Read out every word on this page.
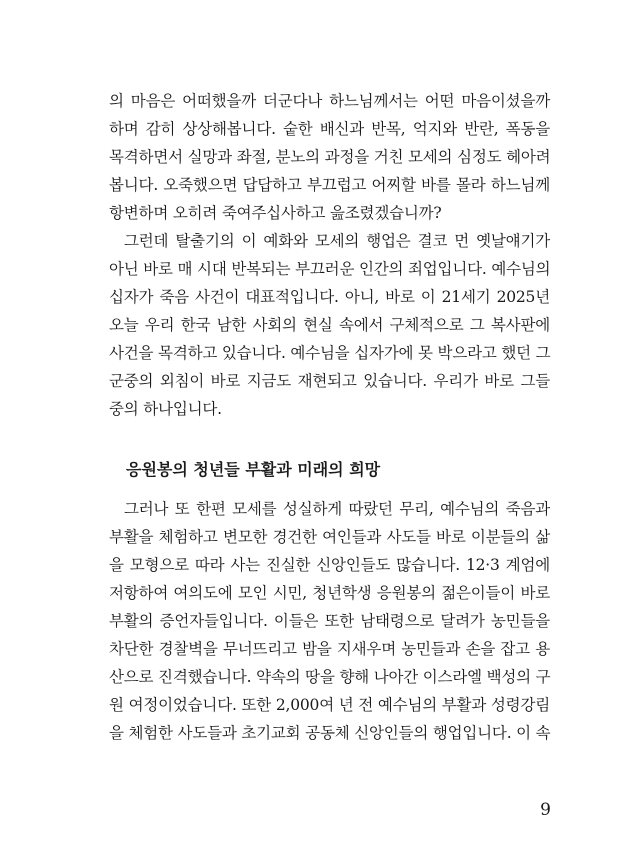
의 마음은 어떠했을까 더군다나 하느님께서는 어떤 마음이셨을까
하며 감히 상상해봅니다. 숱한 배신과 반목, 억지와 반란, 폭동을
목격하면서 실망과 좌절, 분노의 과정을 거친 모세의 심정도 헤아려
봅니다. 오죽했으면 답답하고 부끄럽고 어찌할 바를 몰라 하느님께
항변하며 오히려 죽여주십사하고 읊조렸겠습니까?
그런데 탈출기의 이 예화와 모세의 행업은 결코 먼 옛날얘기가
아닌 바로 매 시대 반복되는 부끄러운 인간의 죄업입니다. 예수님의
십자가 죽음 사건이 대표적입니다. 아니, 바로 이 21세기 2025년
오늘 우리 한국 남한 사회의 현실 속에서 구체적으로 그 복사판에
사건을 목격하고 있습니다. 예수님을 십자가에 못 박으라고 했던 그
군중의 외침이 바로 지금도 재현되고 있습니다. 우리가 바로 그들
중의 하나입니다.
응원봉의 청년들 부활과 미래의 희망
그러나 또 한편 모세를 성실하게 따랐던 무리, 예수님의 죽음과
부활을 체험하고 변모한 경건한 여인들과 사도들 바로 이분들의 삶
을 모형으로 따라 사는 진실한 신앙인들도 많습니다. 12·3 계엄에
저항하여 여의도에 모인 시민, 청년학생 응원봉의 젊은이들이 바로
부활의 증언자들입니다. 이들은 또한 남태령으로 달려가 농민들을
차단한 경찰벽을 무너뜨리고 밤을 지새우며 농민들과 손을 잡고 용
산으로 진격했습니다. 약속의 땅을 향해 나아간 이스라엘 백성의 구
원 여정이었습니다. 또한 2,000여 년 전 예수님의 부활과 성령강림
을 체험한 사도들과 초기교회 공동체 신앙인들의 행업입니다. 이 속
9
